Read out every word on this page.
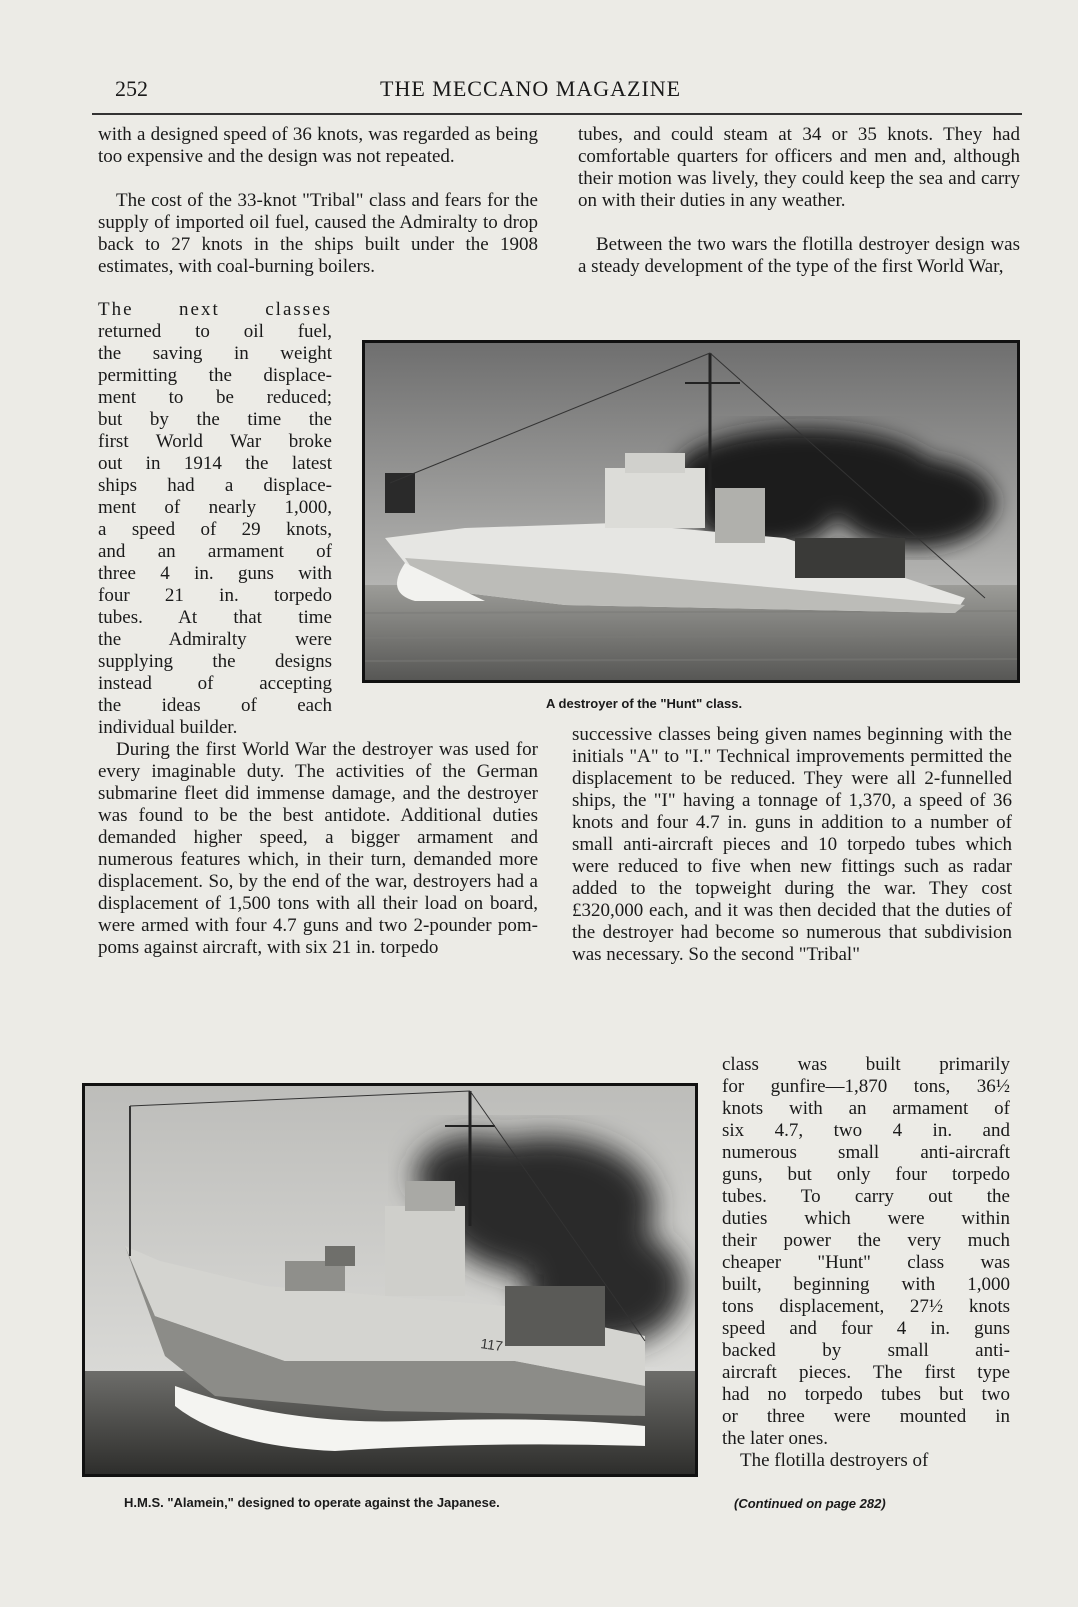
252	THE MECCANO MAGAZINE

with a designed speed of 36 knots, was regarded as being too expensive and the design was not repeated.

The cost of the 33-knot "Tribal" class and fears for the supply of imported oil fuel, caused the Admiralty to drop back to 27 knots in the ships built under the 1908 estimates, with coal-burning boilers.

The next classes

returned to oil fuel,

the saving in weight

permitting the displace-

ment to be reduced;

but by the time the

first World War broke

out in 1914 the latest

ships had a displace-

ment of nearly 1,000,

a speed of 29 knots,

and an armament of

three 4 in. guns with

four 21 in. torpedo

tubes. At that time

the Admiralty were

supplying the designs

instead of accepting

the ideas of each

individual builder.

During the first World War the destroyer was used for every imaginable duty. The activities of the German submarine fleet did immense damage, and the destroyer was found to be the best antidote. Additional duties demanded higher speed, a bigger armament and numerous features which, in their turn, demanded more displacement. So, by the end of the war, destroyers had a displacement of 1,500 tons with all their load on board, were armed with four 4.7 guns and two 2-pounder pom-poms against aircraft, with six 21 in. torpedo

tubes, and could steam at 34 or 35 knots. They had comfortable quarters for officers and men and, although their motion was lively, they could keep the sea and carry on with their duties in any weather.

Between the two wars the flotilla destroyer design was a steady development of the type of the first World War,

successive classes being given names beginning with the initials "A" to "I." Technical improvements permitted the displacement to be reduced. They were all 2-funnelled ships, the "I" having a tonnage of 1,370, a speed of 36 knots and four 4.7 in. guns in addition to a number of small anti-aircraft pieces and 10 torpedo tubes which were reduced to five when new fittings such as radar added to the topweight during the war. They cost £320,000 each, and it was then decided that the duties of the destroyer had become so numerous that subdivision was necessary. So the second "Tribal"

class was built primarily

for gunfire—1,870 tons, 36½

knots with an armament of

six 4.7, two 4 in. and

numerous small anti-aircraft

guns, but only four torpedo

tubes. To carry out the

duties which were within

their power the very much

cheaper "Hunt" class was

built, beginning with 1,000

tons displacement, 27½ knots

speed and four 4 in. guns

backed by small anti-

aircraft pieces. The first type

had no torpedo tubes but two

or three were mounted in

the later ones.

The flotilla destroyers of

A destroyer of the "Hunt" class.

117

H.M.S. "Alamein," designed to operate against the Japanese.	(Continued on page 282)
